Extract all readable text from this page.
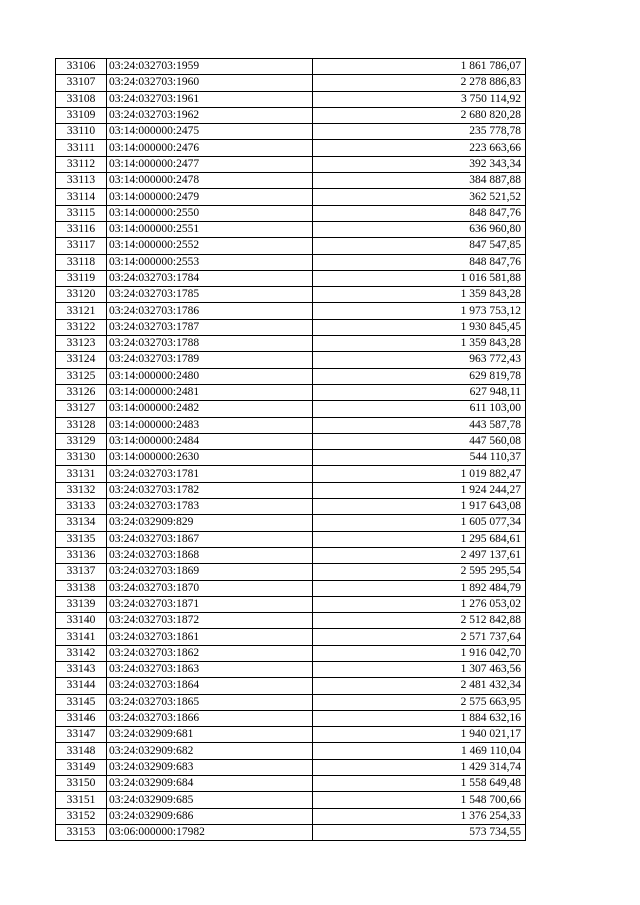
33106	03:24:032703:1959	1 861 786,07
33107	03:24:032703:1960	2 278 886,83
33108	03:24:032703:1961	3 750 114,92
33109	03:24:032703:1962	2 680 820,28
33110	03:14:000000:2475	235 778,78
33111	03:14:000000:2476	223 663,66
33112	03:14:000000:2477	392 343,34
33113	03:14:000000:2478	384 887,88
33114	03:14:000000:2479	362 521,52
33115	03:14:000000:2550	848 847,76
33116	03:14:000000:2551	636 960,80
33117	03:14:000000:2552	847 547,85
33118	03:14:000000:2553	848 847,76
33119	03:24:032703:1784	1 016 581,88
33120	03:24:032703:1785	1 359 843,28
33121	03:24:032703:1786	1 973 753,12
33122	03:24:032703:1787	1 930 845,45
33123	03:24:032703:1788	1 359 843,28
33124	03:24:032703:1789	963 772,43
33125	03:14:000000:2480	629 819,78
33126	03:14:000000:2481	627 948,11
33127	03:14:000000:2482	611 103,00
33128	03:14:000000:2483	443 587,78
33129	03:14:000000:2484	447 560,08
33130	03:14:000000:2630	544 110,37
33131	03:24:032703:1781	1 019 882,47
33132	03:24:032703:1782	1 924 244,27
33133	03:24:032703:1783	1 917 643,08
33134	03:24:032909:829	1 605 077,34
33135	03:24:032703:1867	1 295 684,61
33136	03:24:032703:1868	2 497 137,61
33137	03:24:032703:1869	2 595 295,54
33138	03:24:032703:1870	1 892 484,79
33139	03:24:032703:1871	1 276 053,02
33140	03:24:032703:1872	2 512 842,88
33141	03:24:032703:1861	2 571 737,64
33142	03:24:032703:1862	1 916 042,70
33143	03:24:032703:1863	1 307 463,56
33144	03:24:032703:1864	2 481 432,34
33145	03:24:032703:1865	2 575 663,95
33146	03:24:032703:1866	1 884 632,16
33147	03:24:032909:681	1 940 021,17
33148	03:24:032909:682	1 469 110,04
33149	03:24:032909:683	1 429 314,74
33150	03:24:032909:684	1 558 649,48
33151	03:24:032909:685	1 548 700,66
33152	03:24:032909:686	1 376 254,33
33153	03:06:000000:17982	573 734,55
